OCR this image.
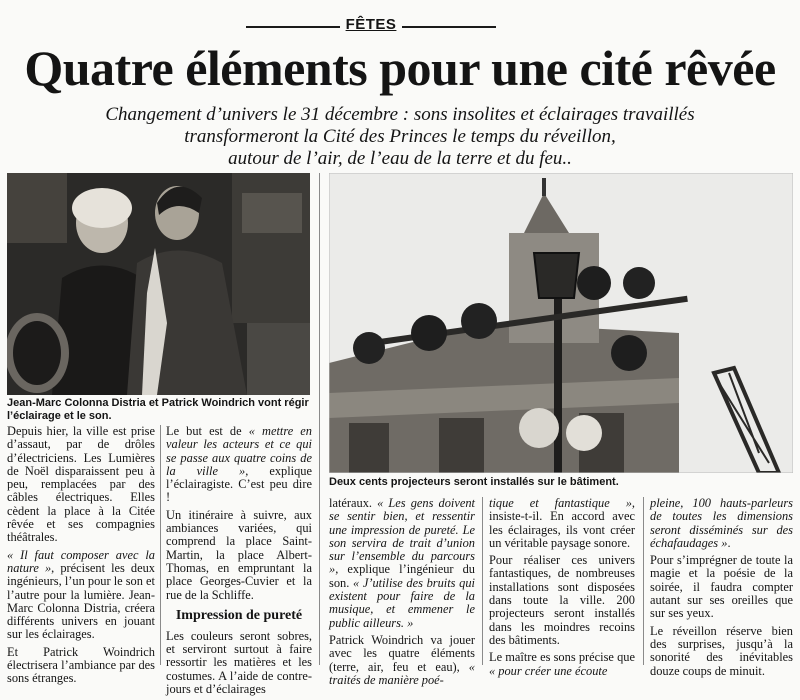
FÊTES
Quatre éléments pour une cité rêvée
Changement d’univers le 31 décembre : sons insolites et éclairages travaillés
transformeront la Cité des Princes le temps du réveillon,
autour de l’air, de l’eau de la terre et du feu..
Jean-Marc Colonna Distria et Patrick Woindrich vont régir l’éclairage et le son.
Deux cents projecteurs seront installés sur le bâtiment.

Depuis hier, la ville est prise d’assaut, par de drôles d’électriciens. Les Lumières de Noël disparaissent peu à peu, remplacées par des câbles électriques. Elles cèdent la place à la Citée rêvée et ses compagnies théâtrales.

« Il faut composer avec la nature », précisent les deux ingénieurs, l’un pour le son et l’autre pour la lumière. Jean-Marc Colonna Distria, créera différents univers en jouant sur les éclairages.

Et Patrick Woindrich électrisera l’ambiance par des sons étranges.

Le but est de « mettre en valeur les acteurs et ce qui se passe aux quatre coins de la ville », explique l’éclairagiste. C’est peu dire !

Un itinéraire à suivre, aux ambiances variées, qui comprend la place Saint-Martin, la place Albert-Thomas, en empruntant la place Georges-Cuvier et la rue de la Schliffe.

Impression de pureté

Les couleurs seront sobres, et serviront surtout à faire ressortir les matières et les costumes. A l’aide de contre-jours et d’éclairages

latéraux. « Les gens doivent se sentir bien, et ressentir une impression de pureté. Le son servira de trait d’union sur l’ensemble du parcours », explique l’ingénieur du son. « J’utilise des bruits qui existent pour faire de la musique, et emmener le public ailleurs. »

Patrick Woindrich va jouer avec les quatre éléments (terre, air, feu et eau), « traités de manière poé-

tique et fantastique », insiste-t-il. En accord avec les éclairages, ils vont créer un véritable paysage sonore.

Pour réaliser ces univers fantastiques, de nombreuses installations sont disposées dans toute la ville. 200 projecteurs seront installés dans les moindres recoins des bâtiments.

Le maître es sons précise que « pour créer une écoute

pleine, 100 hauts-parleurs de toutes les dimensions seront disséminés sur des échafaudages ».

Pour s’imprégner de toute la magie et la poésie de la soirée, il faudra compter autant sur ses oreilles que sur ses yeux.

Le réveillon réserve bien des surprises, jusqu’à la sonorité des inévitables douze coups de minuit.
